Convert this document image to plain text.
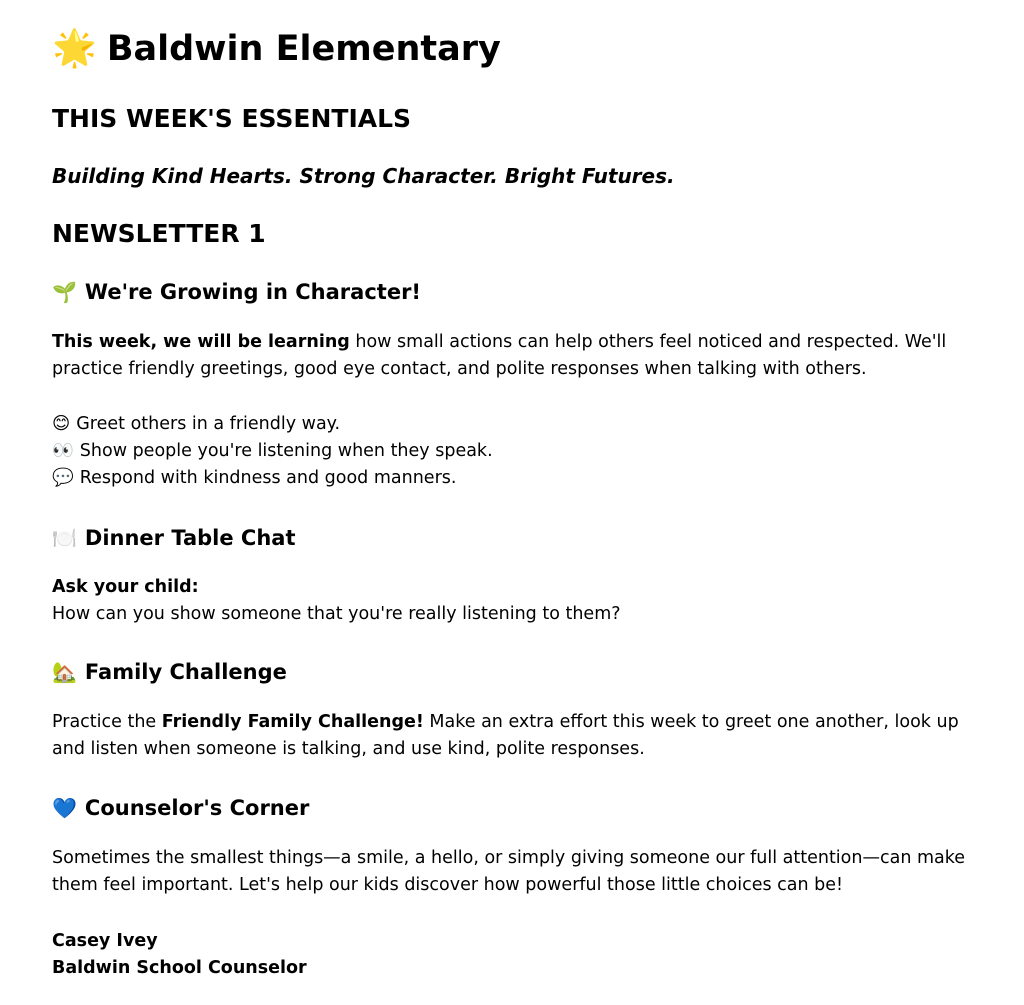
🌟 Baldwin Elementary
THIS WEEK'S ESSENTIALS
Building Kind Hearts. Strong Character. Bright Futures.
NEWSLETTER 1
🌱 We're Growing in Character!
This week, we will be learning how small actions can help others feel noticed and respected. We'll practice friendly greetings, good eye contact, and polite responses when talking with others.
😊 Greet others in a friendly way.
👀 Show people you're listening when they speak.
💬 Respond with kindness and good manners.
🍽️ Dinner Table Chat
Ask your child:
How can you show someone that you're really listening to them?
🏡 Family Challenge
Practice the Friendly Family Challenge! Make an extra effort this week to greet one another, look up and listen when someone is talking, and use kind, polite responses.
💙 Counselor's Corner
Sometimes the smallest things—a smile, a hello, or simply giving someone our full attention—can make them feel important. Let's help our kids discover how powerful those little choices can be!
Casey Ivey
Baldwin School Counselor
